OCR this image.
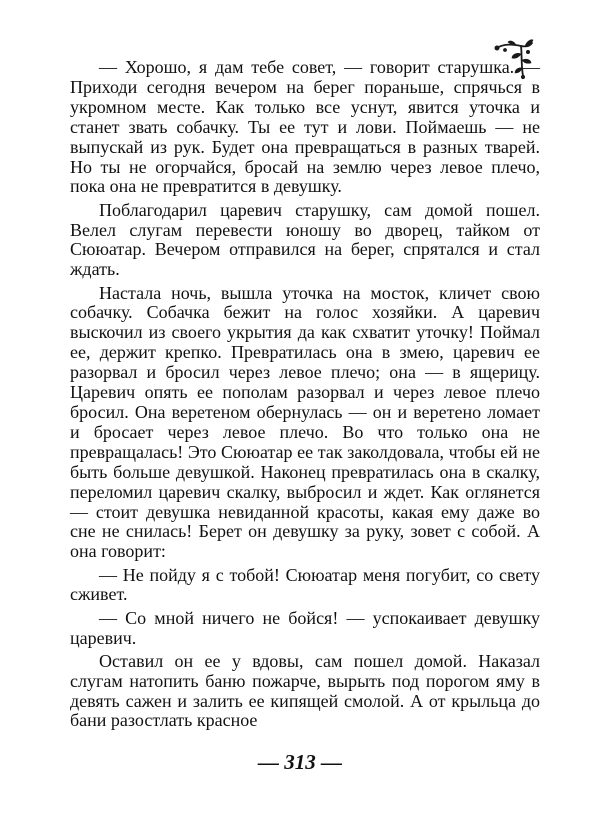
— Хорошо, я дам тебе совет, — говорит старушка. — Приходи сегодня вечером на берег пораньше, спрячься в укромном месте. Как только все уснут, явится уточка и станет звать собачку. Ты ее тут и лови. Поймаешь — не выпускай из рук. Будет она превращаться в разных тварей. Но ты не огорчайся, бросай на землю через левое плечо, пока она не превратится в девушку.

Поблагодарил царевич старушку, сам домой пошел. Велел слугам перевести юношу во дворец, тайком от Сююатар. Вечером отправился на берег, спрятался и стал ждать.

Настала ночь, вышла уточка на мосток, кличет свою собачку. Собачка бежит на голос хозяйки. А царевич выскочил из своего укрытия да как схватит уточку! Поймал ее, держит крепко. Превратилась она в змею, царевич ее разорвал и бросил через левое плечо; она — в ящерицу. Царевич опять ее пополам разорвал и через левое плечо бросил. Она веретеном обернулась — он и веретено ломает и бросает через левое плечо. Во что только она не превращалась! Это Сююатар ее так заколдовала, чтобы ей не быть больше девушкой. Наконец превратилась она в скалку, переломил царевич скалку, выбросил и ждет. Как оглянется — стоит девушка невиданной красоты, какая ему даже во сне не снилась! Берет он девушку за руку, зовет с собой. А она говорит:

— Не пойду я с тобой! Сююатар меня погубит, со свету сживет.

— Со мной ничего не бойся! — успокаивает девушку царевич.

Оставил он ее у вдовы, сам пошел домой. Наказал слугам натопить баню пожарче, вырыть под порогом яму в девять сажен и залить ее кипящей смолой. А от крыльца до бани разостлать красное

— 313 —
